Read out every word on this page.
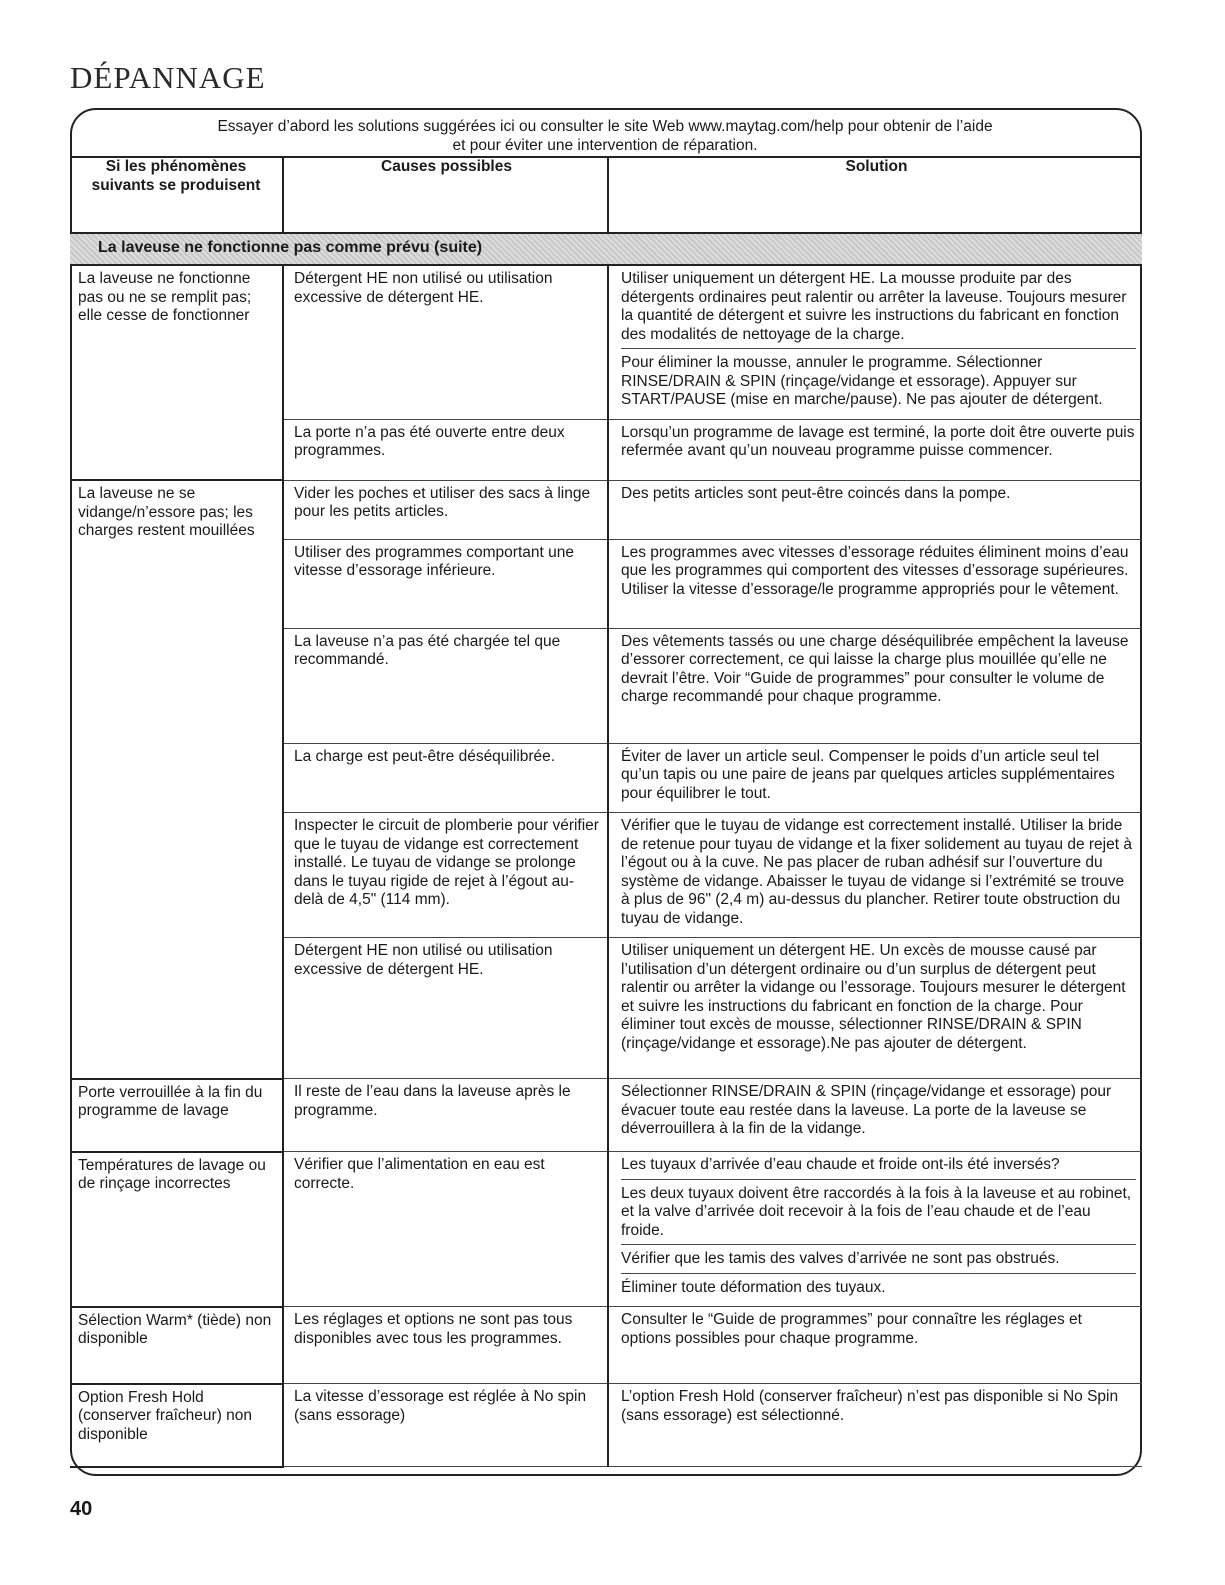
DÉPANNAGE
Essayer d’abord les solutions suggérées ici ou consulter le site Web www.maytag.com/help pour obtenir de l’aide
et pour éviter une intervention de réparation.
Si les phénomènes suivants se produisent	Causes possibles	Solution
La laveuse ne fonctionne pas comme prévu (suite)		
La laveuse ne fonctionne pas ou ne se remplit pas; elle cesse de fonctionner	Détergent HE non utilisé ou utilisation excessive de détergent HE.	Utiliser uniquement un détergent HE. La mousse produite par des détergents ordinaires peut ralentir ou arrêter la laveuse. Toujours mesurer la quantité de détergent et suivre les instructions du fabricant en fonction des modalités de nettoyage de la charge.
Pour éliminer la mousse, annuler le programme. Sélectionner RINSE/DRAIN & SPIN (rinçage/vidange et essorage). Appuyer sur START/PAUSE (mise en marche/pause). Ne pas ajouter de détergent.

	La porte n’a pas été ouverte entre deux programmes.	Lorsqu’un programme de lavage est terminé, la porte doit être ouverte puis refermée avant qu’un nouveau programme puisse commencer.

La laveuse ne se vidange/n’essore pas; les charges restent mouillées	Vider les poches et utiliser des sacs à linge pour les petits articles.	Des petits articles sont peut-être coincés dans la pompe.

	Utiliser des programmes comportant une vitesse d’essorage inférieure.	Les programmes avec vitesses d’essorage réduites éliminent moins d’eau que les programmes qui comportent des vitesses d’essorage supérieures. Utiliser la vitesse d’essorage/le programme appropriés pour le vêtement.

	La laveuse n’a pas été chargée tel que recommandé.	Des vêtements tassés ou une charge déséquilibrée empêchent la laveuse d’essorer correctement, ce qui laisse la charge plus mouillée qu’elle ne devrait l’être. Voir “Guide de programmes” pour consulter le volume de charge recommandé pour chaque programme.

	La charge est peut-être déséquilibrée.	Éviter de laver un article seul. Compenser le poids d’un article seul tel qu’un tapis ou une paire de jeans par quelques articles supplémentaires pour équilibrer le tout.

	Inspecter le circuit de plomberie pour vérifier que le tuyau de vidange est correctement installé. Le tuyau de vidange se prolonge dans le tuyau rigide de rejet à l’égout au-delà de 4,5" (114 mm).	Vérifier que le tuyau de vidange est correctement installé. Utiliser la bride de retenue pour tuyau de vidange et la fixer solidement au tuyau de rejet à l’égout ou à la cuve. Ne pas placer de ruban adhésif sur l’ouverture du système de vidange. Abaisser le tuyau de vidange si l’extrémité se trouve à plus de 96" (2,4 m) au-dessus du plancher. Retirer toute obstruction du tuyau de vidange.

	Détergent HE non utilisé ou utilisation excessive de détergent HE.	Utiliser uniquement un détergent HE. Un excès de mousse causé par l’utilisation d’un détergent ordinaire ou d’un surplus de détergent peut ralentir ou arrêter la vidange ou l’essorage. Toujours mesurer le détergent et suivre les instructions du fabricant en fonction de la charge. Pour éliminer tout excès de mousse, sélectionner RINSE/DRAIN & SPIN (rinçage/vidange et essorage).Ne pas ajouter de détergent.

Porte verrouillée à la fin du programme de lavage	Il reste de l’eau dans la laveuse après le programme.	Sélectionner RINSE/DRAIN & SPIN (rinçage/vidange et essorage) pour évacuer toute eau restée dans la laveuse. La porte de la laveuse se déverrouillera à la fin de la vidange.

Températures de lavage ou de rinçage incorrectes	Vérifier que l’alimentation en eau est correcte.	Les tuyaux d’arrivée d’eau chaude et froide ont-ils été inversés?
Les deux tuyaux doivent être raccordés à la fois à la laveuse et au robinet, et la valve d’arrivée doit recevoir à la fois de l’eau chaude et de l’eau froide.
Vérifier que les tamis des valves d’arrivée ne sont pas obstrués.
Éliminer toute déformation des tuyaux.

Sélection Warm* (tiède) non disponible	Les réglages et options ne sont pas tous disponibles avec tous les programmes.	Consulter le “Guide de programmes” pour connaître les réglages et options possibles pour chaque programme.

Option Fresh Hold (conserver fraîcheur) non disponible	La vitesse d’essorage est réglée à No spin (sans essorage)	L’option Fresh Hold (conserver fraîcheur) n’est pas disponible si No Spin (sans essorage) est sélectionné.
40
